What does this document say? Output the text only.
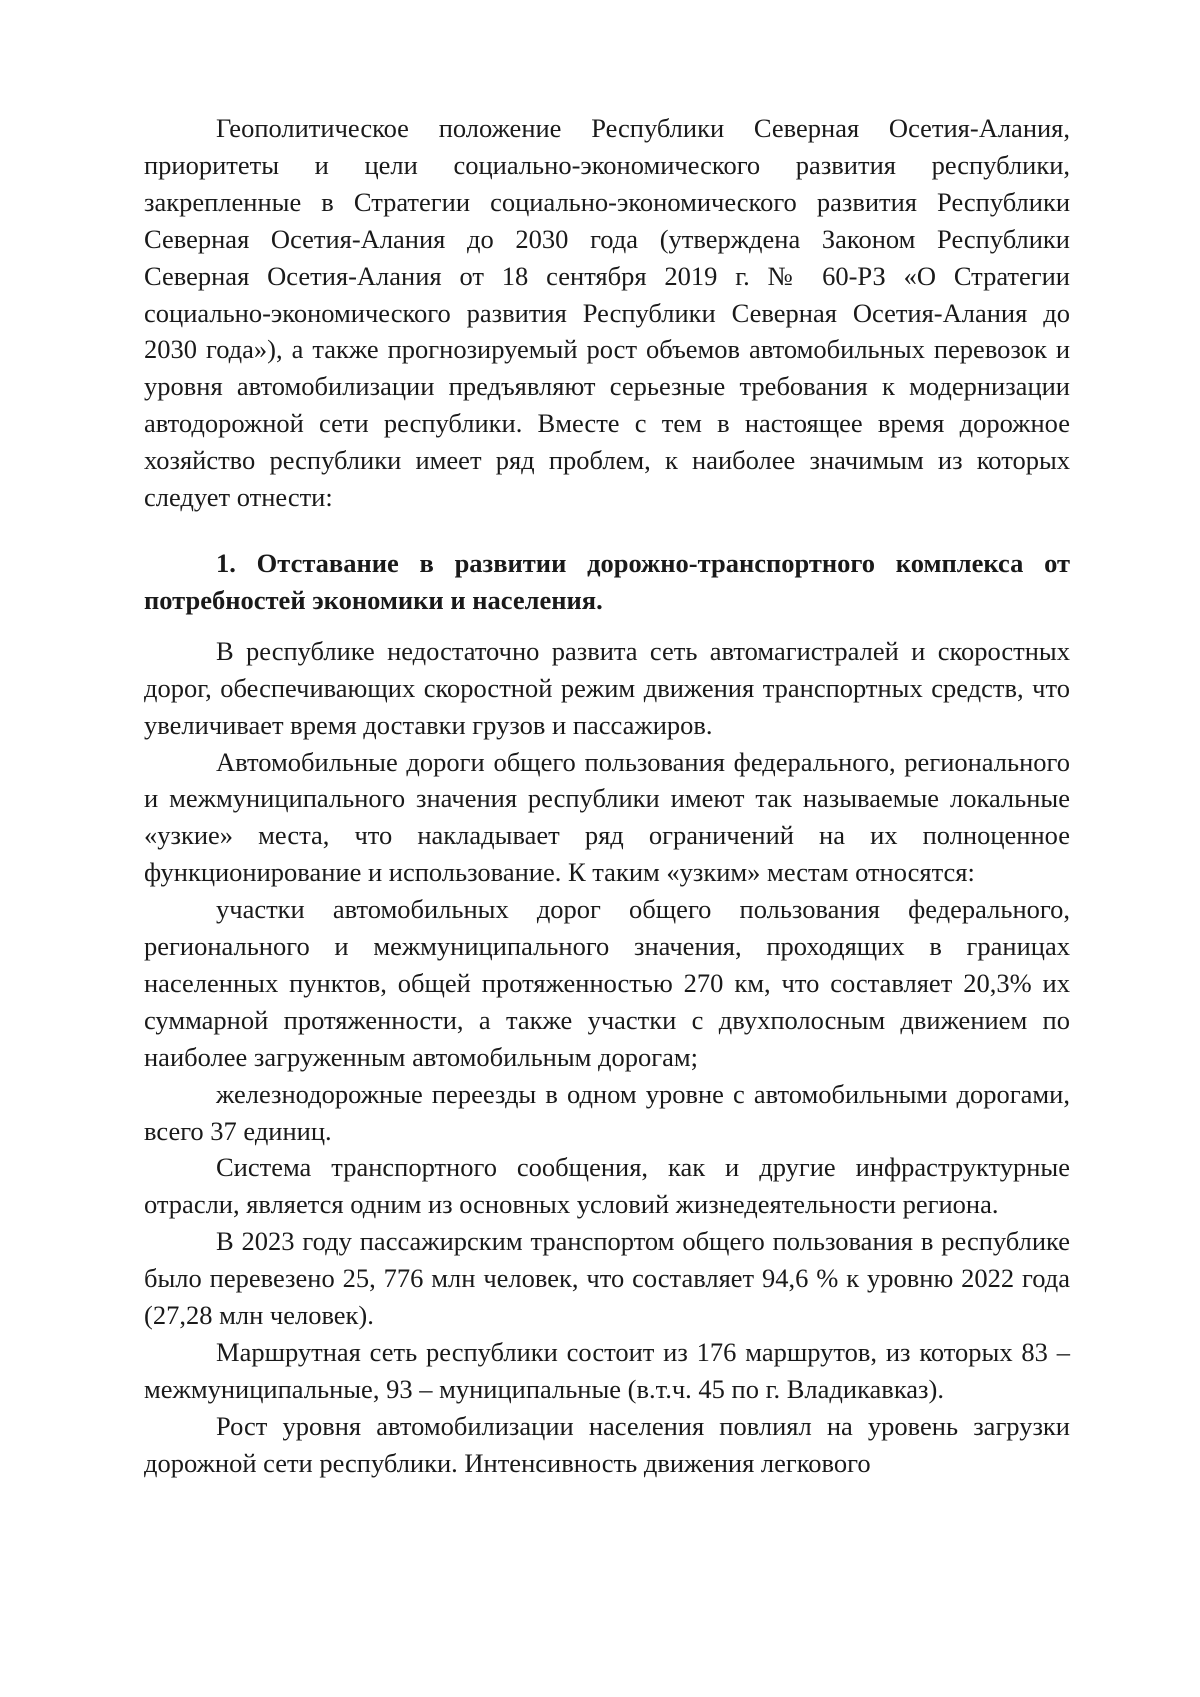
Геополитическое положение Республики Северная Осетия-Алания, приоритеты и цели социально-экономического развития республики, закрепленные в Стратегии социально-экономического развития Республики Северная Осетия-Алания до 2030 года (утверждена Законом Республики Северная Осетия-Алания от 18 сентября 2019 г. № 60-РЗ «О Стратегии социально-экономического развития Республики Северная Осетия-Алания до 2030 года»), а также прогнозируемый рост объемов автомобильных перевозок и уровня автомобилизации предъявляют серьезные требования к модернизации автодорожной сети республики. Вместе с тем в настоящее время дорожное хозяйство республики имеет ряд проблем, к наиболее значимым из которых следует отнести:

1. Отставание в развитии дорожно-транспортного комплекса от потребностей экономики и населения.

В республике недостаточно развита сеть автомагистралей и скоростных дорог, обеспечивающих скоростной режим движения транспортных средств, что увеличивает время доставки грузов и пассажиров.

Автомобильные дороги общего пользования федерального, регионального и межмуниципального значения республики имеют так называемые локальные «узкие» места, что накладывает ряд ограничений на их полноценное функционирование и использование. К таким «узким» местам относятся:

участки автомобильных дорог общего пользования федерального, регионального и межмуниципального значения, проходящих в границах населенных пунктов, общей протяженностью 270 км, что составляет 20,3% их суммарной протяженности, а также участки с двухполосным движением по наиболее загруженным автомобильным дорогам;

железнодорожные переезды в одном уровне с автомобильными дорогами, всего 37 единиц.

Система транспортного сообщения, как и другие инфраструктурные отрасли, является одним из основных условий жизнедеятельности региона.

В 2023 году пассажирским транспортом общего пользования в республике было перевезено 25, 776 млн человек, что составляет 94,6 % к уровню 2022 года (27,28 млн человек).

Маршрутная сеть республики состоит из 176 маршрутов, из которых 83 – межмуниципальные, 93 – муниципальные (в.т.ч. 45 по г. Владикавказ).

Рост уровня автомобилизации населения повлиял на уровень загрузки дорожной сети республики. Интенсивность движения легкового
